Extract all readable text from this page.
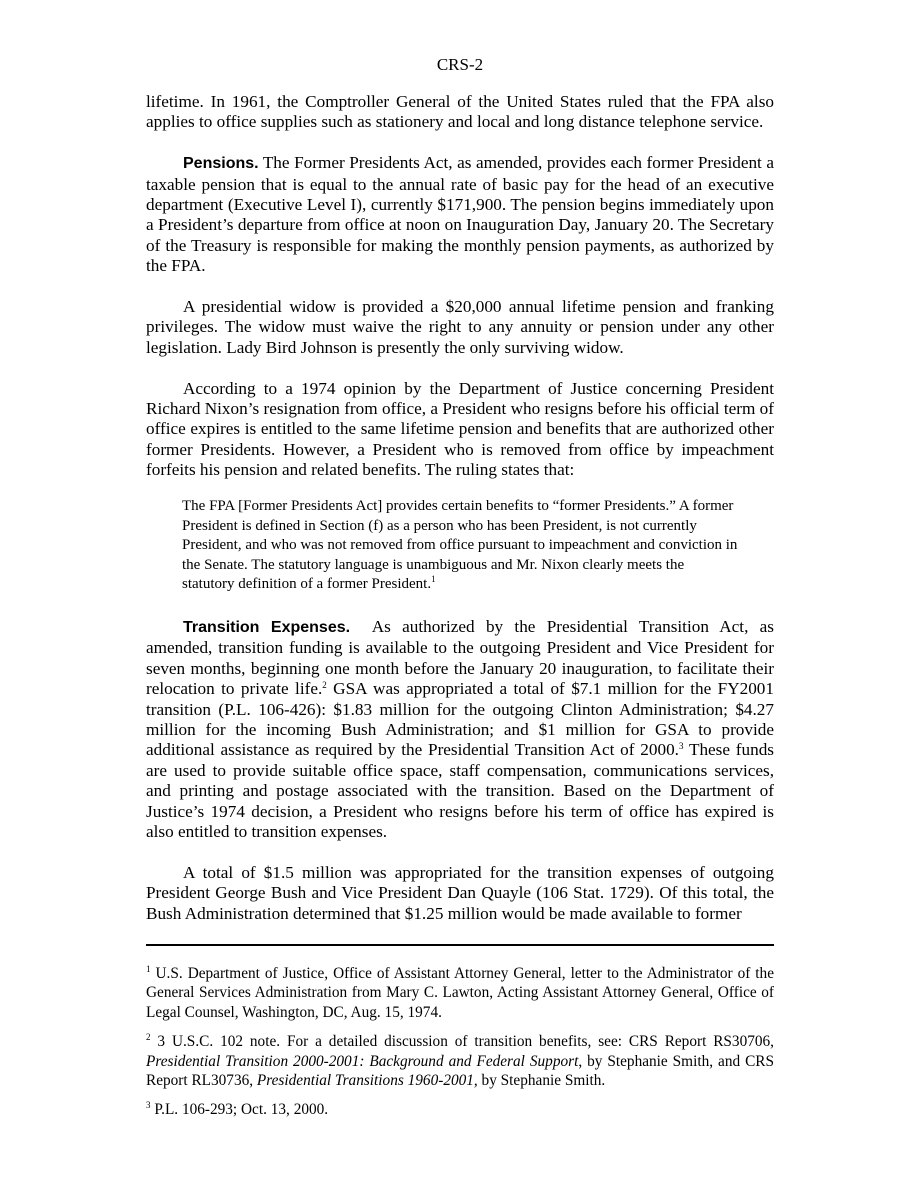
CRS-2

lifetime. In 1961, the Comptroller General of the United States ruled that the FPA also applies to office supplies such as stationery and local and long distance telephone service.

Pensions. The Former Presidents Act, as amended, provides each former President a taxable pension that is equal to the annual rate of basic pay for the head of an executive department (Executive Level I), currently $171,900. The pension begins immediately upon a President’s departure from office at noon on Inauguration Day, January 20. The Secretary of the Treasury is responsible for making the monthly pension payments, as authorized by the FPA.

A presidential widow is provided a $20,000 annual lifetime pension and franking privileges. The widow must waive the right to any annuity or pension under any other legislation. Lady Bird Johnson is presently the only surviving widow.

According to a 1974 opinion by the Department of Justice concerning President Richard Nixon’s resignation from office, a President who resigns before his official term of office expires is entitled to the same lifetime pension and benefits that are authorized other former Presidents. However, a President who is removed from office by impeachment forfeits his pension and related benefits. The ruling states that:

The FPA [Former Presidents Act] provides certain benefits to “former Presidents.” A former President is defined in Section (f) as a person who has been President, is not currently President, and who was not removed from office pursuant to impeachment and conviction in the Senate. The statutory language is unambiguous and Mr. Nixon clearly meets the statutory definition of a former President.$^1$

Transition Expenses. As authorized by the Presidential Transition Act, as amended, transition funding is available to the outgoing President and Vice President for seven months, beginning one month before the January 20 inauguration, to facilitate their relocation to private life.$^2$ GSA was appropriated a total of $7.1 million for the FY2001 transition (P.L. 106-426): $1.83 million for the outgoing Clinton Administration; $4.27 million for the incoming Bush Administration; and $1 million for GSA to provide additional assistance as required by the Presidential Transition Act of 2000.$^3$ These funds are used to provide suitable office space, staff compensation, communications services, and printing and postage associated with the transition. Based on the Department of Justice’s 1974 decision, a President who resigns before his term of office has expired is also entitled to transition expenses.

A total of $1.5 million was appropriated for the transition expenses of outgoing President George Bush and Vice President Dan Quayle (106 Stat. 1729). Of this total, the Bush Administration determined that $1.25 million would be made available to former

$^1$ U.S. Department of Justice, Office of Assistant Attorney General, letter to the Administrator of the General Services Administration from Mary C. Lawton, Acting Assistant Attorney General, Office of Legal Counsel, Washington, DC, Aug. 15, 1974.

$^2$ 3 U.S.C. 102 note. For a detailed discussion of transition benefits, see: CRS Report RS30706, Presidential Transition 2000-2001: Background and Federal Support, by Stephanie Smith, and CRS Report RL30736, Presidential Transitions 1960-2001, by Stephanie Smith.

$^3$ P.L. 106-293; Oct. 13, 2000.
